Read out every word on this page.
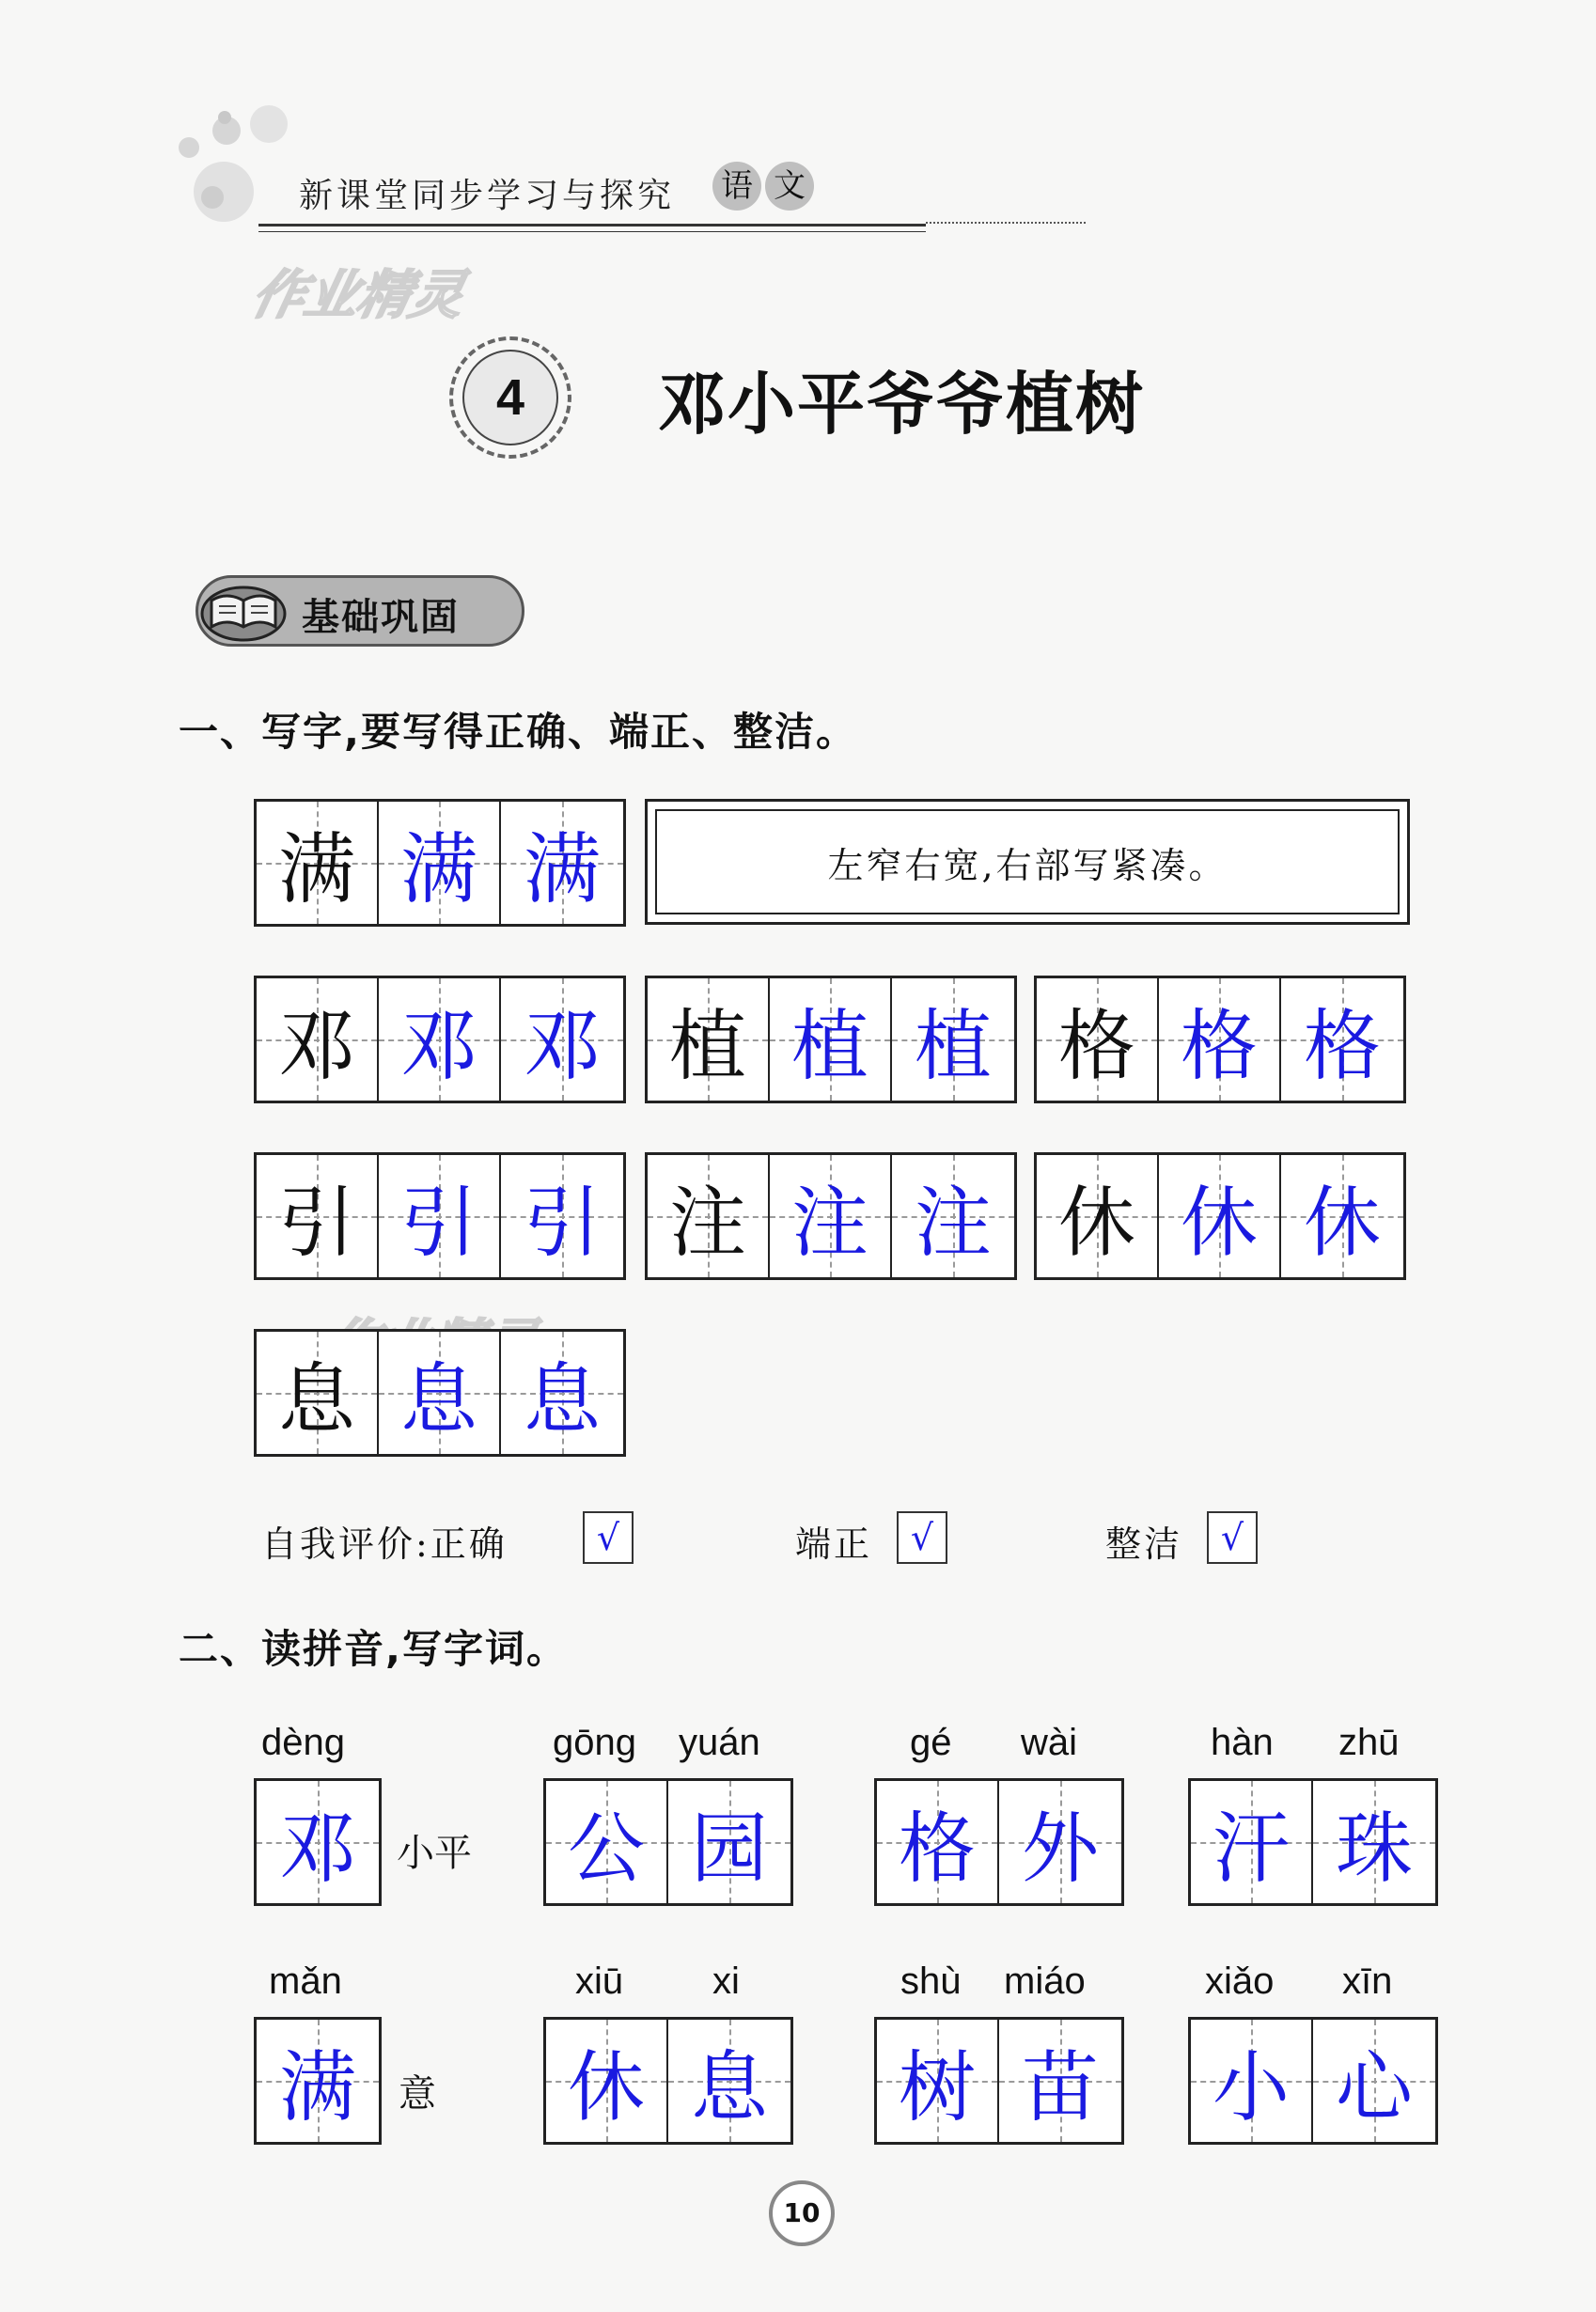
新课堂同步学习与探究 语 文
作业精灵
4	邓小平爷爷植树
基础巩固
一、写字,要写得正确、端正、整洁。
满 满 满	左窄右宽,右部写紧凑。
邓 邓 邓 植 植 植 格 格 格
引 引 引 注 注 注 休 休 休
息 息 息
自我评价:正确	√	端正	√	整洁	√
二、读拼音,写字词。
dèng
邓 小平
gōng yuán
公 园
gé wài
格 外
hàn zhū
汗 珠
mǎn
满 意
xiū xi
休 息
shù miáo
树 苗
xiǎo xīn
小 心
10
